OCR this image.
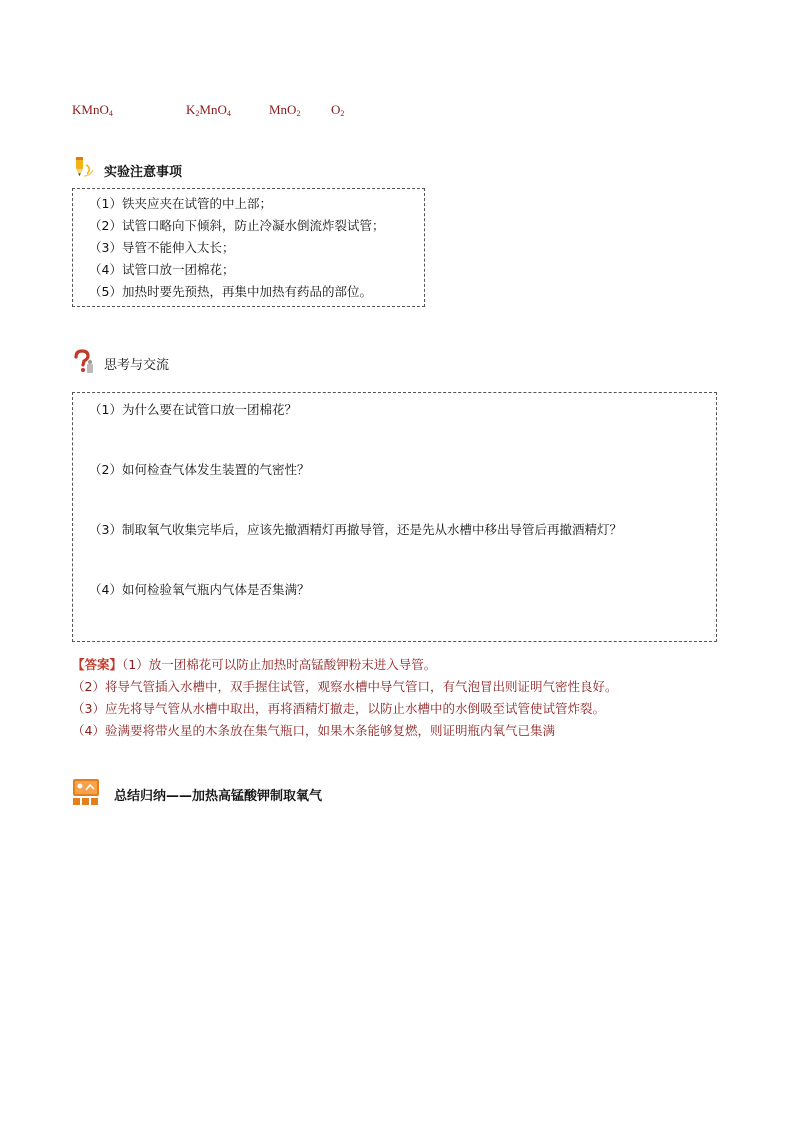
KMnO$_4$	$K_2MnO_4$	MnO$_2$ $O_2$
实验注意事项
（1）铁夹应夹在试管的中上部；
（2）试管口略向下倾斜，防止冷凝水倒流炸裂试管；
（3）导管不能伸入太长；
（4）试管口放一团棉花；
（5）加热时要先预热，再集中加热有药品的部位。
思考与交流
（1）为什么要在试管口放一团棉花？
（2）如何检查气体发生装置的气密性？
（3）制取氧气收集完毕后，应该先撤酒精灯再撤导管，还是先从水槽中移出导管后再撤酒精灯？
（4）如何检验氧气瓶内气体是否集满？
【答案】（1）放一团棉花可以防止加热时高锰酸钾粉末进入导管。
（2）将导气管插入水槽中，双手握住试管，观察水槽中导气管口，有气泡冒出则证明气密性良好。
（3）应先将导气管从水槽中取出，再将酒精灯撤走，以防止水槽中的水倒吸至试管使试管炸裂。
（4）验满要将带火星的木条放在集气瓶口，如果木条能够复燃，则证明瓶内氧气已集满
总结归纳——加热高锰酸钾制取氧气
